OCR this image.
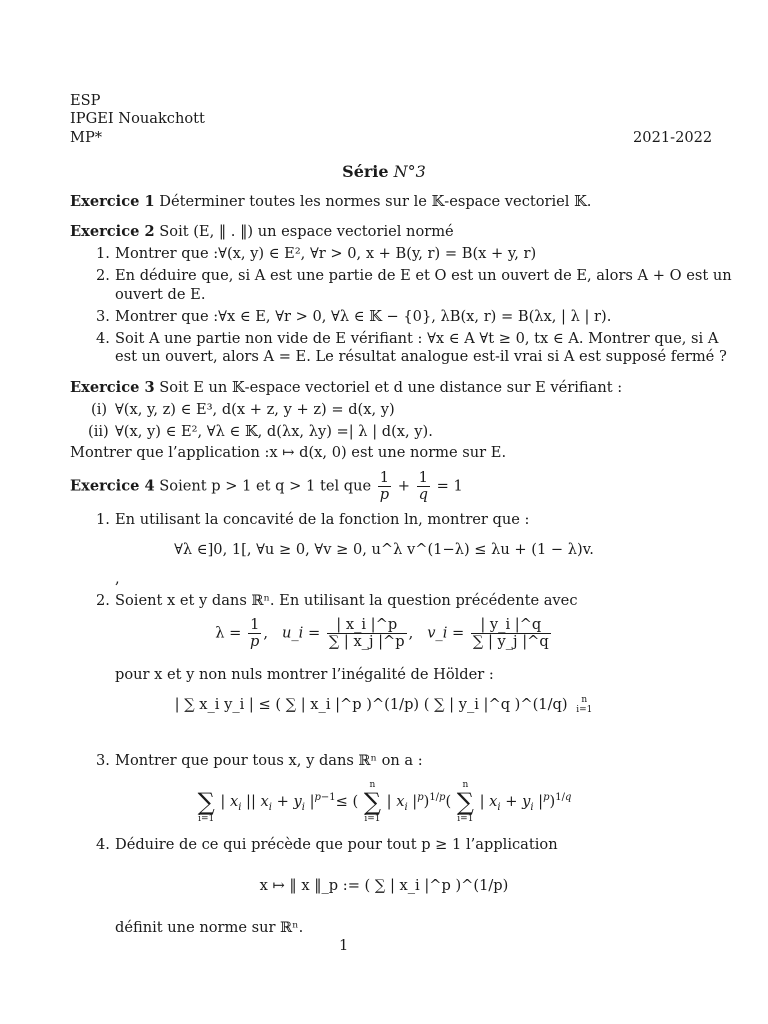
ESP
IPGEI Nouakchott
MP*	2021-2022
Série N°3
Exercice 1 Déterminer toutes les normes sur le 𝕂-espace vectoriel 𝕂.
Exercice 2 Soit (E, ‖ . ‖) un espace vectoriel normé
1. Montrer que :∀(x, y) ∈ E², ∀r > 0, x + B(y, r) = B(x + y, r)
2. En déduire que, si A est une partie de E et O est un ouvert de E, alors A + O est un
ouvert de E.
3. Montrer que :∀x ∈ E, ∀r > 0, ∀λ ∈ 𝕂 − {0}, λB(x, r) = B(λx, | λ | r).
4. Soit A une partie non vide de E vérifiant : ∀x ∈ A ∀t ≥ 0, tx ∈ A. Montrer que, si A
est un ouvert, alors A = E. Le résultat analogue est-il vrai si A est supposé fermé ?
Exercice 3 Soit E un 𝕂-espace vectoriel et d une distance sur E vérifiant :
(i) ∀(x, y, z) ∈ E³, d(x + z, y + z) = d(x, y)
(ii) ∀(x, y) ∈ E², ∀λ ∈ 𝕂, d(λx, λy) =| λ | d(x, y).
Montrer que l’application :x ↦ d(x, 0) est une norme sur E.
Exercice 4 Soient p > 1 et q > 1 tel que $\frac{1}{p} + \frac{1}{q} = 1$
1. En utilisant la concavité de la fonction ln, montrer que :
∀λ ∈]0, 1[, ∀u ≥ 0, ∀v ≥ 0, u^λ v^(1−λ) ≤ λu + (1 − λ)v.
,
2. Soient x et y dans ℝⁿ. En utilisant la question précédente avec
$\lambda = \frac{1}{p}$ ,   u_i = $\frac{| x\_i |\^{}p}{\sum | x\_j |\^{}p}$ ,   v_i = $\frac{| y\_i |\^{}q}{\sum | y\_j |\^{}q}$
pour x et y non nuls montrer l’inégalité de Hölder :
| ∑ x_i y_i | ≤ ( ∑ | x_i |^p )^(1/p) ( ∑ | y_i |^q )^(1/q)	n
i=1
3. Montrer que pour tous x, y dans ℝⁿ on a :

∑
i=1
| $x_i$ || $x_i + y_i$ $|^{p-1}\le$ (
n
∑
i=1
| $x_i$ $|^p)^{1/p}$(
n
∑
i=1
| $x_i + y_i$ $|^p)^{1/q}$
4. Déduire de ce qui précède que pour tout p ≥ 1 l’application
x ↦ ‖ x ‖_p := ( ∑ | x_i |^p )^(1/p)
définit une norme sur ℝⁿ.
1
